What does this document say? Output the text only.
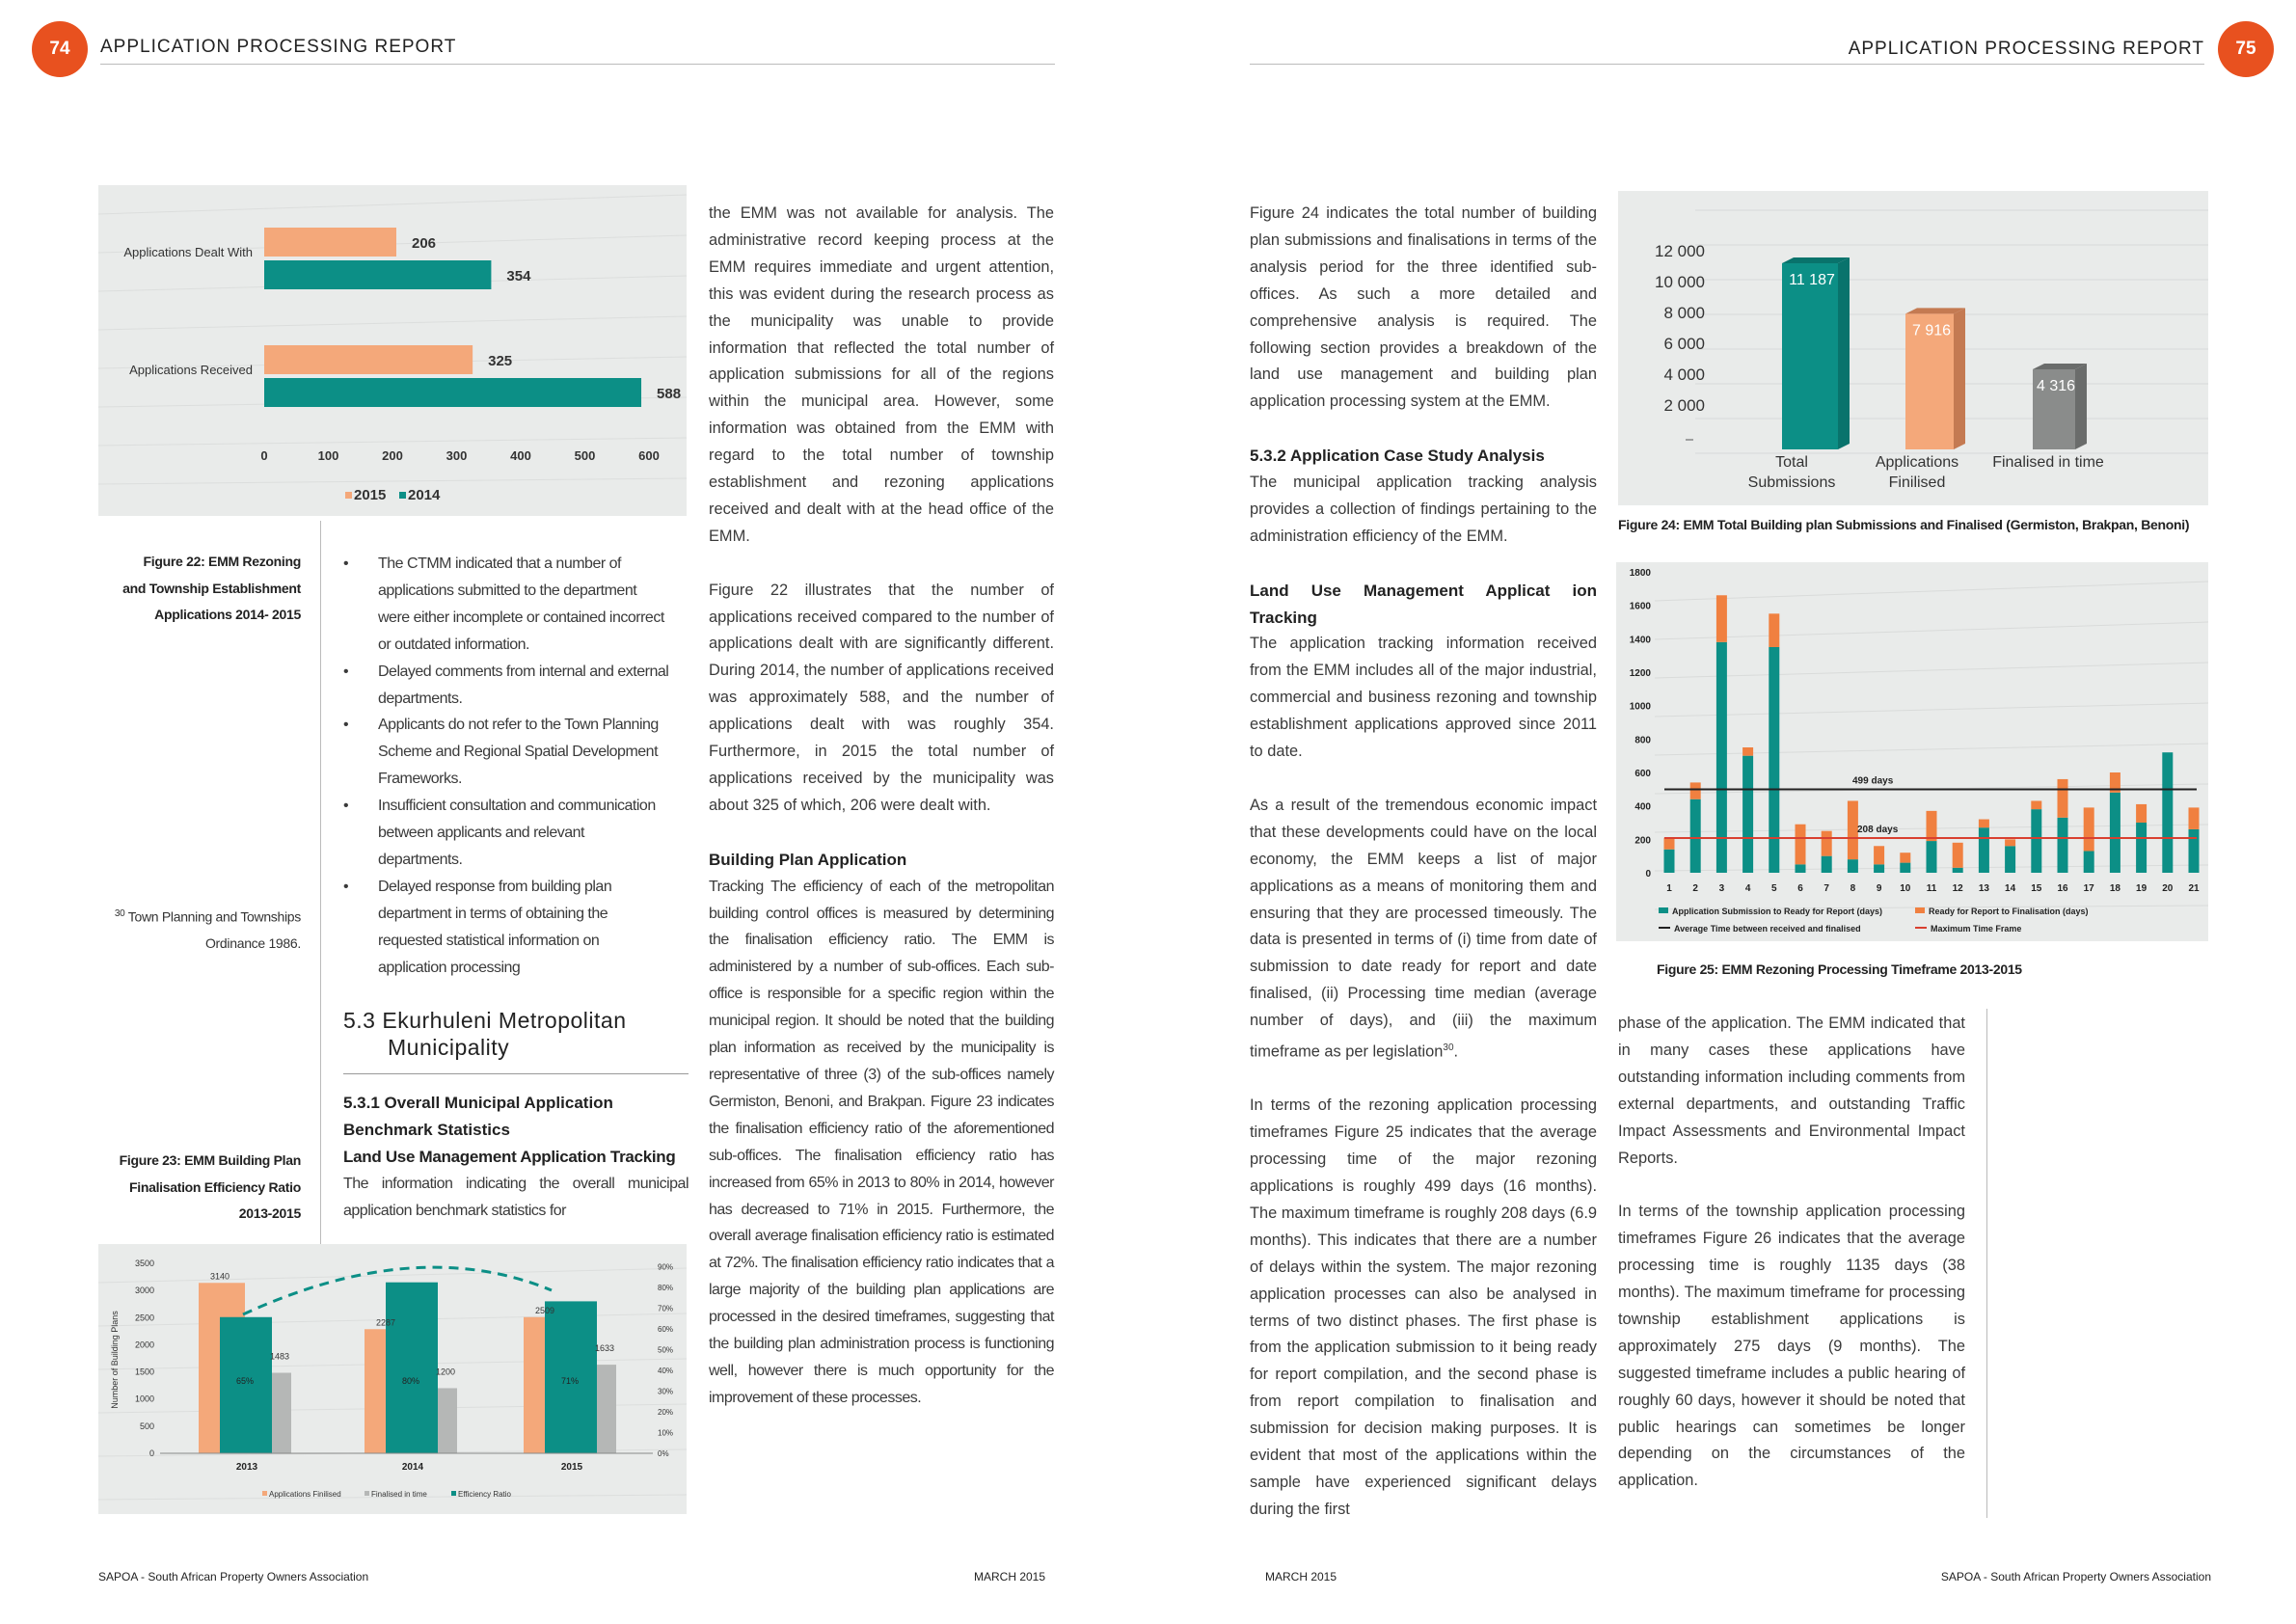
74 APPLICATION PROCESSING REPORT
Applications Dealt With
206
354
Applications Received
325
588
0	100	200	300	400	500	600
2015 2014
Figure 22: EMM Rezoning
and Township Establishment
Applications 2014- 2015
$^{30}$ Town Planning and Townships
Ordinance 1986.
Figure 23: EMM Building Plan
Finalisation Efficiency Ratio
2013-2015
• The CTMM indicated that a number of
applications submitted to the department
were either incomplete or contained incorrect
or outdated information.
• Delayed comments from internal and external
departments.
• Applicants do not refer to the Town Planning
Scheme and Regional Spatial Development
Frameworks.
• Insufficient consultation and communication
between applicants and relevant
departments.
• Delayed response from building plan
department in terms of obtaining the
requested statistical information on
application processing
5.3 Ekurhuleni Metropolitan
Municipality
5.3.1 Overall Municipal Application
Benchmark Statistics
Land Use Management Application Tracking
The information indicating the overall municipal application benchmark statistics for
0
500
1000
1500
2000
2500
3000
3500
0%
10%
20%
30%
40%
50%
60%
70%
80%
90%
Number of Building Plans
3140
1483
65%
2013
2287
1200
80%
2014
2509
1633
71%
2015
Applications Finilised	Finalised in time	Efficiency Ratio

the EMM was not available for analysis. The administrative record keeping process at the EMM requires immediate and urgent attention, this was evident during the research process as the municipality was unable to provide information that reflected the total number of application submissions for all of the regions within the municipal area. However, some information was obtained from the EMM with regard to the total number of township establishment and rezoning applications received and dealt with at the head office of the EMM.

Figure 22 illustrates that the number of applications received compared to the number of applications dealt with are significantly different. During 2014, the number of applications received was approximately 588, and the number of applications dealt with was roughly 354. Furthermore, in 2015 the total number of applications received by the municipality was about 325 of which, 206 were dealt with.

Building Plan Application
Tracking The efficiency of each of the metropolitan building control offices is measured by determining the finalisation efficiency ratio. The EMM is administered by a number of sub-offices. Each sub-office is responsible for a specific region within the municipal region. It should be noted that the building plan information as received by the municipality is representative of three (3) of the sub-offices namely Germiston, Benoni, and Brakpan. Figure 23 indicates the finalisation efficiency ratio of the aforementioned sub-offices. The finalisation efficiency ratio has increased from 65% in 2013 to 80% in 2014, however has decreased to 71% in 2015. Furthermore, the overall average finalisation efficiency ratio is estimated at 72%. The finalisation efficiency ratio indicates that a large majority of the building plan applications are processed in the desired timeframes, suggesting that the building plan administration process is functioning well, however there is much opportunity for the improvement of these processes.
SAPOA - South African Property Owners Association	MARCH 2015
APPLICATION PROCESSING REPORT 75

Figure 24 indicates the total number of building plan submissions and finalisations in terms of the analysis period for the three identified sub-offices. As such a more detailed and comprehensive analysis is required. The following section provides a breakdown of the land use management and building plan application processing system at the EMM.

5.3.2 Application Case Study Analysis

The municipal application tracking analysis provides a collection of findings pertaining to the administration efficiency of the EMM.

Land Use Management Applicat ion Tracking

The application tracking information received from the EMM includes all of the major industrial, commercial and business rezoning and township establishment applications approved since 2011 to date.

As a result of the tremendous economic impact that these developments could have on the local economy, the EMM keeps a list of major applications as a means of monitoring them and ensuring that they are processed timeously. The data is presented in terms of (i) time from date of submission to date ready for report and date finalised, (ii) Processing time median (average number of days), and (iii) the maximum timeframe as per legislation$^{30}$.

In terms of the rezoning application processing timeframes Figure 25 indicates that the average processing time of the major rezoning applications is roughly 499 days (16 months). The maximum timeframe is roughly 208 days (6.9 months). This indicates that there are a number of delays within the system. The major rezoning application processes can also be analysed in terms of two distinct phases. The first phase is from the application submission to it being ready for report compilation, and the second phase is from report compilation to finalisation and submission for decision making purposes. It is evident that most of the applications within the sample have experienced significant delays during the first
2 000
4 000
6 000
8 000
10 000
12 000
11 187
7 916
4 316
Total
Submissions
Applications
Finilised
Finalised in time
Figure 24: EMM Total Building plan Submissions and Finalised (Germiston, Brakpan, Benoni)
0
200
400
600
800
1000
1200
1400
1600
1800
1 2 3 4 5 6 7 8 9 10 11 12 13 14 15 16 17 18 19 20 21
499 days
208 days
Application Submission to Ready for Report (days)	Ready for Report to Finalisation (days)
Average Time between received and finalised	Maximum Time Frame
Figure 25: EMM Rezoning Processing Timeframe 2013-2015

phase of the application. The EMM indicated that in many cases these applications have outstanding information including comments from external departments, and outstanding Traffic Impact Assessments and Environmental Impact Reports.

In terms of the township application processing timeframes Figure 26 indicates that the average processing time is roughly 1135 days (38 months). The maximum timeframe for processing township establishment applications is approximately 275 days (9 months). The suggested timeframe includes a public hearing of roughly 60 days, however it should be noted that public hearings can sometimes be longer depending on the circumstances of the application.
MARCH 2015	SAPOA - South African Property Owners Association
